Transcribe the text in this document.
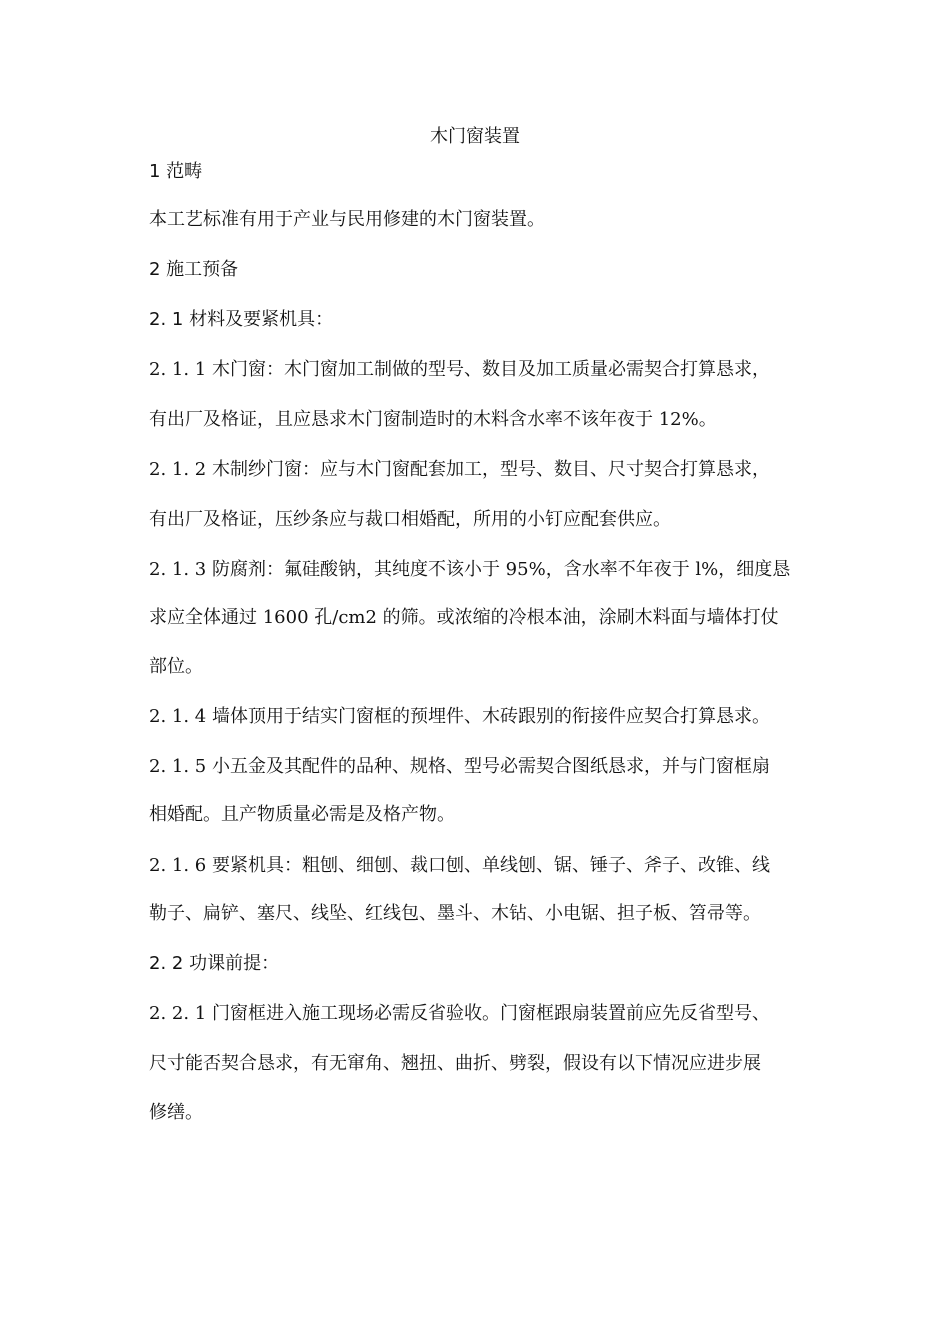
木门窗装置

1 范畴

本工艺标准有用于产业与民用修建的木门窗装置。

2 施工预备

2. 1 材料及要紧机具：

2. 1. 1 木门窗：木门窗加工制做的型号、数目及加工质量必需契合打算恳求，

有出厂及格证，且应恳求木门窗制造时的木料含水率不该年夜于 12%。

2. 1. 2 木制纱门窗：应与木门窗配套加工，型号、数目、尺寸契合打算恳求，

有出厂及格证，压纱条应与裁口相婚配，所用的小钉应配套供应。

2. 1. 3 防腐剂：氟硅酸钠，其纯度不该小于 95%，含水率不年夜于 l%，细度恳

求应全体通过 1600 孔/cm2 的筛。或浓缩的冷根本油，涂刷木料面与墙体打仗

部位。

2. 1. 4 墙体顶用于结实门窗框的预埋件、木砖跟别的衔接件应契合打算恳求。

2. 1. 5 小五金及其配件的品种、规格、型号必需契合图纸恳求，并与门窗框扇

相婚配。且产物质量必需是及格产物。

2. 1. 6 要紧机具：粗刨、细刨、裁口刨、单线刨、锯、锤子、斧子、改锥、线

勒子、扁铲、塞尺、线坠、红线包、墨斗、木钻、小电锯、担子板、笤帚等。

2. 2 功课前提：

2. 2. 1 门窗框进入施工现场必需反省验收。门窗框跟扇装置前应先反省型号、

尺寸能否契合恳求，有无窜角、翘扭、曲折、劈裂，假设有以下情况应进步展

修缮。
